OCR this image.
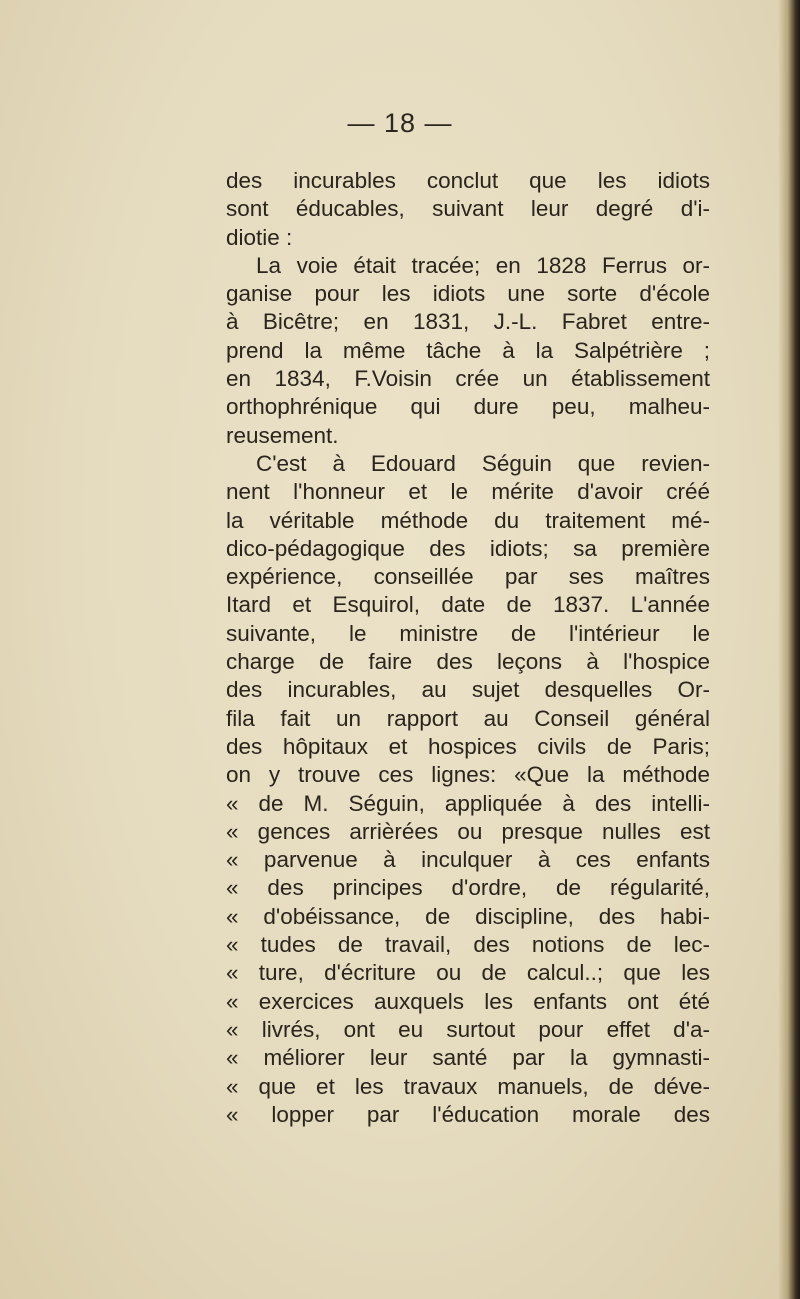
— 18 —
des incurables conclut que les idiots
sont éducables, suivant leur degré d'i-
diotie :
La voie était tracée; en 1828 Ferrus or-
ganise pour les idiots une sorte d'école
à Bicêtre; en 1831, J.-L. Fabret entre-
prend la même tâche à la Salpétrière ;
en 1834, F.Voisin crée un établissement
orthophrénique qui dure peu, malheu-
reusement.
C'est à Edouard Séguin que revien-
nent l'honneur et le mérite d'avoir créé
la véritable méthode du traitement mé-
dico-pédagogique des idiots; sa première
expérience, conseillée par ses maîtres
Itard et Esquirol, date de 1837. L'année
suivante, le ministre de l'intérieur le
charge de faire des leçons à l'hospice
des incurables, au sujet desquelles Or-
fila fait un rapport au Conseil général
des hôpitaux et hospices civils de Paris;
on y trouve ces lignes: «Que la méthode
« de M. Séguin, appliquée à des intelli-
« gences arrièrées ou presque nulles est
« parvenue à inculquer à ces enfants
« des principes d'ordre, de régularité,
« d'obéissance, de discipline, des habi-
« tudes de travail, des notions de lec-
« ture, d'écriture ou de calcul..; que les
« exercices auxquels les enfants ont été
« livrés, ont eu surtout pour effet d'a-
« méliorer leur santé par la gymnasti-
« que et les travaux manuels, de déve-
« lopper par l'éducation morale des
